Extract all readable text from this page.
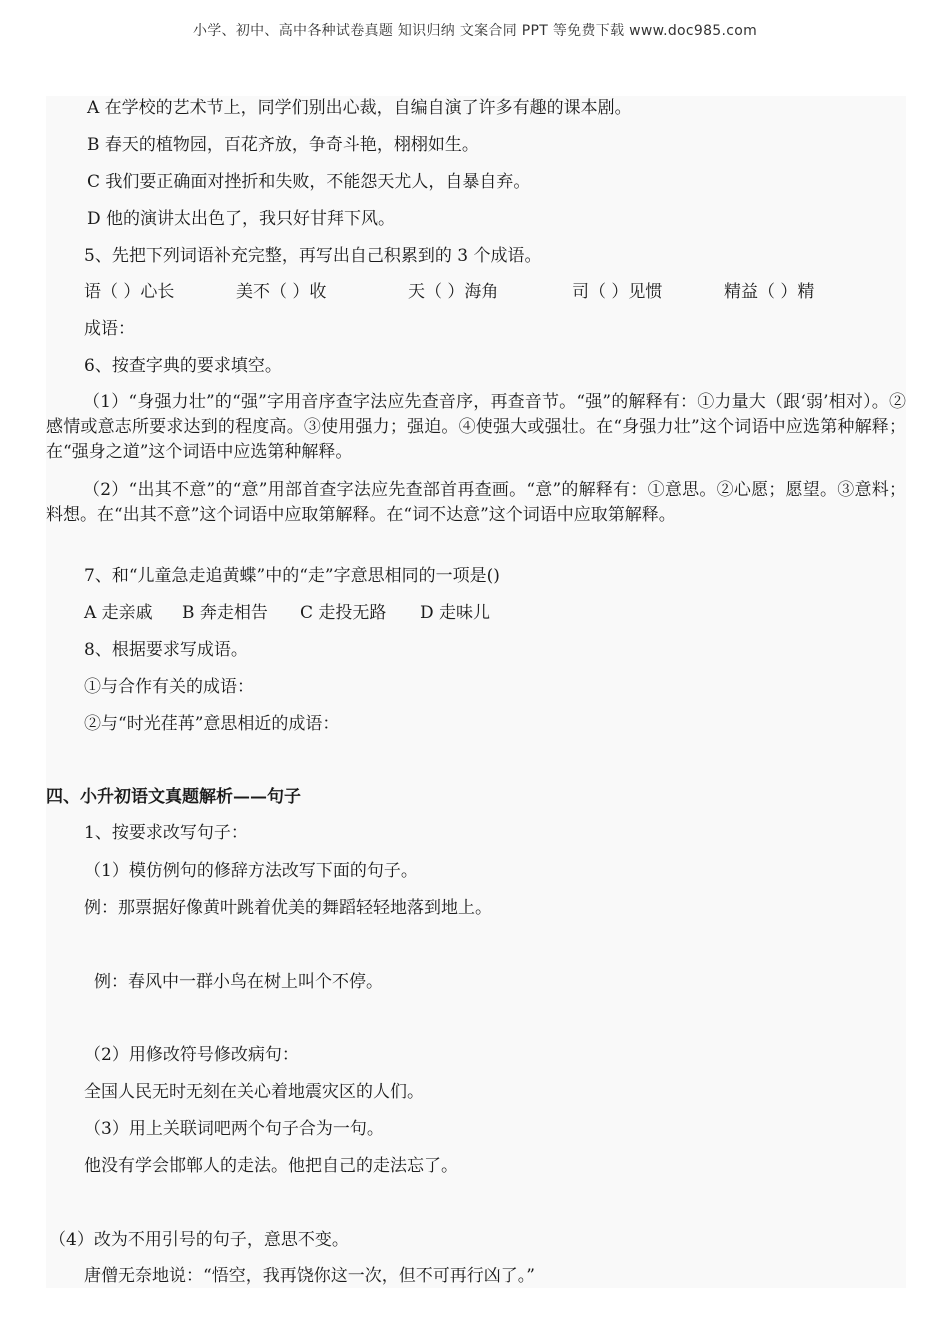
小学、初中、高中各种试卷真题 知识归纳 文案合同 PPT 等免费下载 www.doc985.com
A 在学校的艺术节上，同学们别出心裁，自编自演了许多有趣的课本剧。
B 春天的植物园，百花齐放，争奇斗艳，栩栩如生。
C 我们要正确面对挫折和失败，不能怨天尤人，自暴自弃。
D 他的演讲太出色了，我只好甘拜下风。
5、先把下列词语补充完整，再写出自己积累到的 3 个成语。
语（ ）心长	美不（ ）收	天（ ）海角	司（ ）见惯	精益（ ）精
成语：
6、按查字典的要求填空。
（1）“身强力壮”的“强”字用音序查字法应先查音序，再查音节。“强”的解释有：①力量大（跟‘弱’相对）。②感情或意志所要求达到的程度高。③使用强力；强迫。④使强大或强壮。在“身强力壮”这个词语中应选第种解释；在“强身之道”这个词语中应选第种解释。
（2）“出其不意”的“意”用部首查字法应先查部首再查画。“意”的解释有：①意思。②心愿；愿望。③意料；料想。在“出其不意”这个词语中应取第解释。在“词不达意”这个词语中应取第解释。
7、和“儿童急走追黄蝶”中的“走”字意思相同的一项是()
A 走亲戚 B 奔走相告 C 走投无路 D 走味儿
8、根据要求写成语。
①与合作有关的成语：
②与“时光荏苒”意思相近的成语：
四、小升初语文真题解析——句子
1、按要求改写句子：
（1）模仿例句的修辞方法改写下面的句子。
例：那票据好像黄叶跳着优美的舞蹈轻轻地落到地上。
例：春风中一群小鸟在树上叫个不停。
（2）用修改符号修改病句：
全国人民无时无刻在关心着地震灾区的人们。
（3）用上关联词吧两个句子合为一句。
他没有学会邯郸人的走法。他把自己的走法忘了。
（4）改为不用引号的句子，意思不变。
唐僧无奈地说：“悟空，我再饶你这一次，但不可再行凶了。”
